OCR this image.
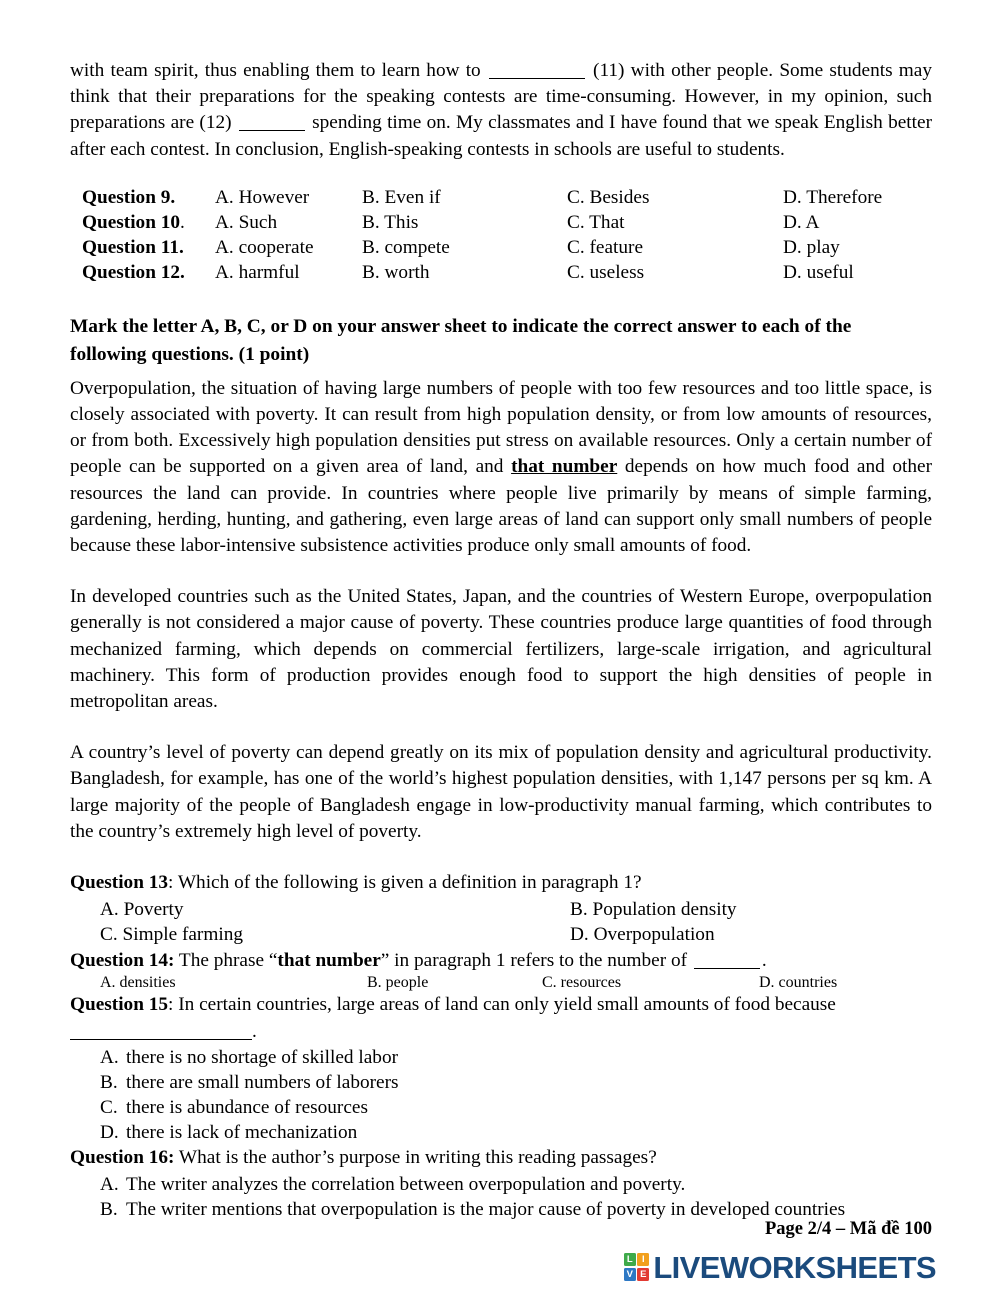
with team spirit, thus enabling them to learn how to	(11) with other people. Some students may think that their preparations for the speaking contests are time-consuming. However, in my opinion, such preparations are (12)	spending time on. My classmates and I have found that we speak English better after each contest. In conclusion, English-speaking contests in schools are useful to students.

Question 9.	A. However	B. Even if	C. Besides	D. Therefore
Question 10.	A. Such	B. This	C. That	D. A
Question 11.	A. cooperate	B. compete	C. feature	D. play
Question 12.	A. harmful	B. worth	C. useless	D. useful
Mark the letter A, B, C, or D on your answer sheet to indicate the correct answer to each of the following questions. (1 point)

Overpopulation, the situation of having large numbers of people with too few resources and too little space, is closely associated with poverty. It can result from high population density, or from low amounts of resources, or from both. Excessively high population densities put stress on available resources. Only a certain number of people can be supported on a given area of land, and that number depends on how much food and other resources the land can provide. In countries where people live primarily by means of simple farming, gardening, herding, hunting, and gathering, even large areas of land can support only small numbers of people because these labor-intensive subsistence activities produce only small amounts of food.

In developed countries such as the United States, Japan, and the countries of Western Europe, overpopulation generally is not considered a major cause of poverty. These countries produce large quantities of food through mechanized farming, which depends on commercial fertilizers, large-scale irrigation, and agricultural machinery. This form of production provides enough food to support the high densities of people in metropolitan areas.

A country’s level of poverty can depend greatly on its mix of population density and agricultural productivity. Bangladesh, for example, has one of the world’s highest population densities, with 1,147 persons per sq km. A large majority of the people of Bangladesh engage in low-productivity manual farming, which contributes to the country’s extremely high level of poverty.

Question 13: Which of the following is given a definition in paragraph 1?

A. Poverty	B. Population density
C. Simple farming	D. Overpopulation

Question 14: The phrase “that number” in paragraph 1 refers to the number of	.

A. densities	B. people	C. resources	D. countries

Question 15: In certain countries, large areas of land can only yield small amounts of food because
.

A. there is no shortage of skilled labor
B. there are small numbers of laborers
C. there is abundance of resources
D. there is lack of mechanization

Question 16: What is the author’s purpose in writing this reading passages?

A. The writer analyzes the correlation between overpopulation and poverty.
B. The writer mentions that overpopulation is the major cause of poverty in developed countries
Page 2/4 – Mã đề 100
L I
V E LIVEWORKSHEETS
